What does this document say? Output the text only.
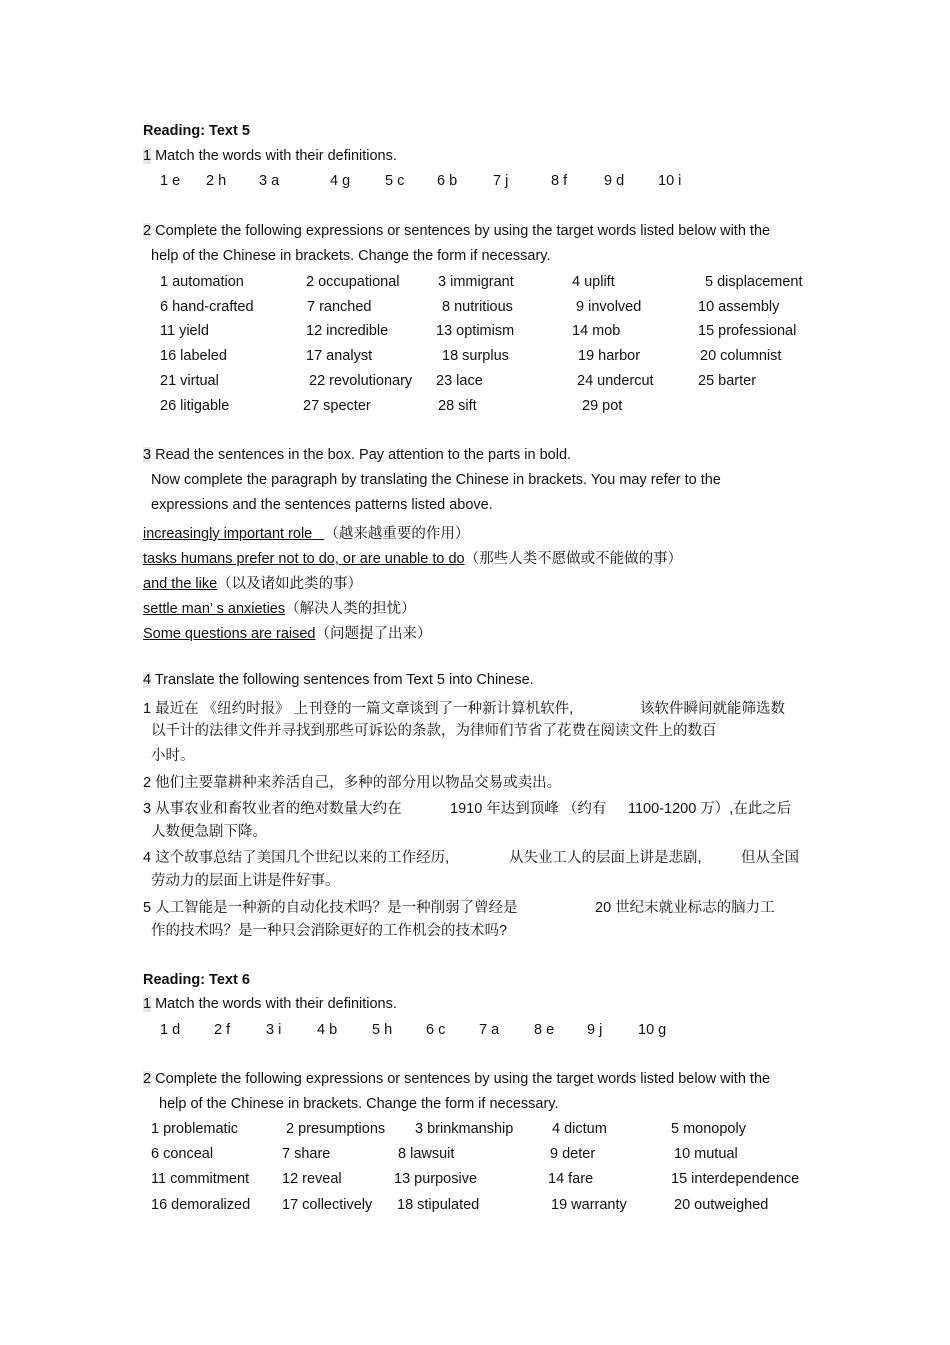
Reading: Text 5
1 Match the words with their definitions.
1 e 2 h 3 a	4 g 5 c 6 b 7 j	8 f	9 d 10 i
2 Complete the following expressions or sentences by using the target words listed below with the
help of the Chinese in brackets. Change the form if necessary.
1 automation	2 occupational	3 immigrant	4 uplift	5 displacement
6 hand-crafted	7 ranched	8 nutritious	9 involved	10 assembly
11 yield	12 incredible	13 optimism	14 mob	15 professional
16 labeled	17 analyst	18 surplus	19 harbor	20 columnist
21 virtual	22 revolutionary 23 lace	24 undercut	25 barter
26 litigable	27 specter	28 sift	29 pot
3 Read the sentences in the box. Pay attention to the parts in bold.
Now complete the paragraph by translating the Chinese in brackets. You may refer to the
expressions and the sentences patterns listed above.
increasingly important role   （越来越重要的作用）
tasks humans prefer not to do, or are unable to do（那些人类不愿做或不能做的事）
and the like（以及诸如此类的事）
settle man’ s anxieties（解决人类的担忧）
Some questions are raised（问题提了出来）
4 Translate the following sentences from Text 5 into Chinese.
1 最近在 《纽约时报》 上刊登的一篇文章谈到了一种新计算机软件,	该软件瞬间就能筛选数
以千计的法律文件并寻找到那些可诉讼的条款，为律师们节省了花费在阅读文件上的数百
小时。
2 他们主要靠耕种来养活自己，多种的部分用以物品交易或卖出。
3 从事农业和畜牧业者的绝对数量大约在	1910 年达到顶峰 （约有 1100-1200 万）,在此之后
人数便急剧下降。
4 这个故事总结了美国几个世纪以来的工作经历,	从失业工人的层面上讲是悲剧,	但从全国
劳动力的层面上讲是件好事。
5 人工智能是一种新的自动化技术吗？是一种削弱了曾经是	20 世纪末就业标志的脑力工
作的技术吗？是一种只会消除更好的工作机会的技术吗?
Reading: Text 6
1 Match the words with their definitions.
1 d 2 f 3 i 4 b 5 h 6 c 7 a 8 e 9 j 10 g
2 Complete the following expressions or sentences by using the target words listed below with the
help of the Chinese in brackets. Change the form if necessary.
1 problematic	2 presumptions 3 brinkmanship	4 dictum	5 monopoly
6 conceal	7 share	8 lawsuit	9 deter	10 mutual
11 commitment 12 reveal	13 purposive	14 fare	15 interdependence
16 demoralized 17 collectively 18 stipulated	19 warranty	20 outweighed
